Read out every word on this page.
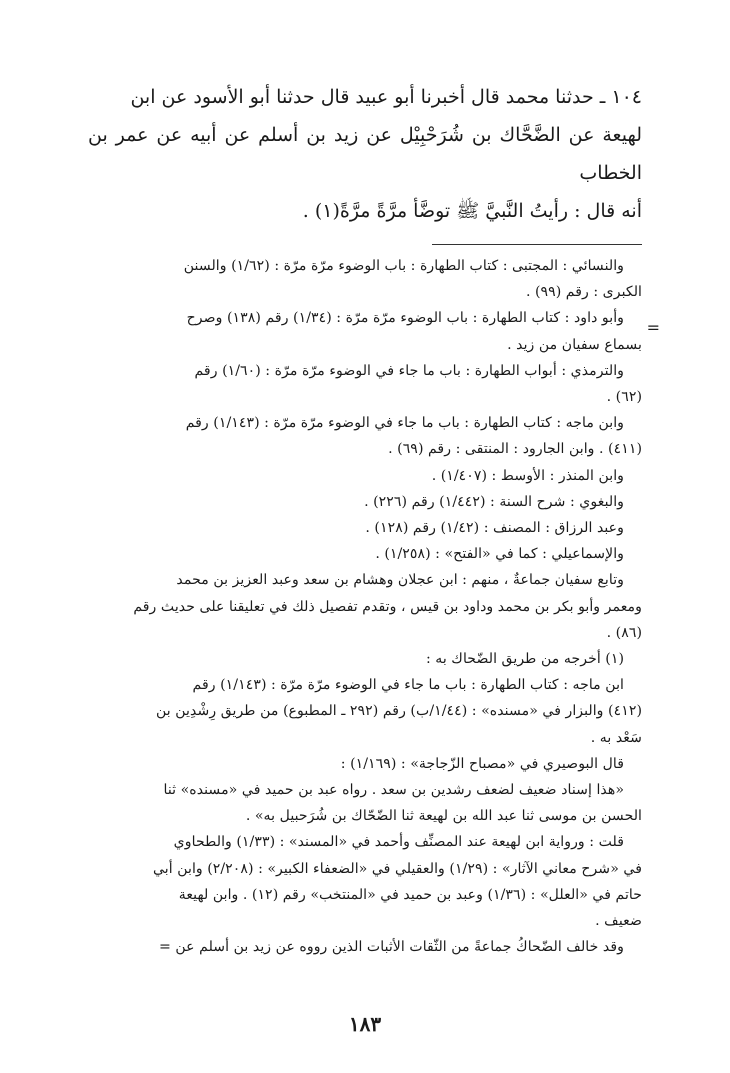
=

١٠٤ ـ حدثنا محمد قال أخبرنا أبو عبيد قال حدثنا أبو الأسود عن ابن

لهيعة عن الضَّحَّاك بن شُرَحْبِيْل عن زيد بن أسلم عن أبيه عن عمر بن الخطاب

أنه قال : رأيتُ النَّبيَّ ﷺ توضَّأ مرَّةً مرَّةً(١) .

والنسائي : المجتبى : كتاب الطهارة : باب الوضوء مرّة مرّة : (١/٦٢) والسنن

الكبرى : رقم (٩٩) .

وأبو داود : كتاب الطهارة : باب الوضوء مرّة مرّة : (١/٣٤) رقم (١٣٨) وصرح

بسماع سفيان من زيد .

والترمذي : أبواب الطهارة : باب ما جاء في الوضوء مرّة مرّة : (١/٦٠) رقم

(٦٢) .

وابن ماجه : كتاب الطهارة : باب ما جاء في الوضوء مرّة مرّة : (١/١٤٣) رقم

(٤١١) . وابن الجارود : المنتقى : رقم (٦٩) .

وابن المنذر : الأوسط : (١/٤٠٧) .

والبغوي : شرح السنة : (١/٤٤٢) رقم (٢٢٦) .

وعبد الرزاق : المصنف : (١/٤٢) رقم (١٢٨) .

والإسماعيلي : كما في «الفتح» : (١/٢٥٨) .

وتابع سفيان جماعةٌ ، منهم : ابن عجلان وهشام بن سعد وعبد العزيز بن محمد

ومعمر وأبو بكر بن محمد وداود بن قيس ، وتقدم تفصيل ذلك في تعليقنا على حديث رقم

(٨٦) .

(١) أخرجه من طريق الضّحاك به :

ابن ماجه : كتاب الطهارة : باب ما جاء في الوضوء مرّة مرّة : (١/١٤٣) رقم

(٤١٢) والبزار في «مسنده» : (١/٤٤/ب) رقم (٢٩٢ ـ المطبوع) من طريق رِشْدِين بن

سَعْد به .

قال البوصيري في «مصباح الزّجاجة» : (١/١٦٩) :

«هذا إسناد ضعيف لضعف رشدين بن سعد . رواه عبد بن حميد في «مسنده» ثنا

الحسن بن موسى ثنا عبد الله بن لهيعة ثنا الضّحّاك بن شُرَحبيل به» .

قلت : ورواية ابن لهيعة عند المصنِّف وأحمد في «المسند» : (١/٣٣) والطحاوي

في «شرح معاني الآثار» : (١/٢٩) والعقيلي في «الضعفاء الكبير» : (٢/٢٠٨) وابن أبي

حاتم في «العلل» : (١/٣٦) وعبد بن حميد في «المنتخب» رقم (١٢) . وابن لهيعة

ضعيف .

وقد خالف الضّحاكُ جماعةً من الثّقات الأثبات الذين رووه عن زيد بن أسلم عن =

١٨٣
